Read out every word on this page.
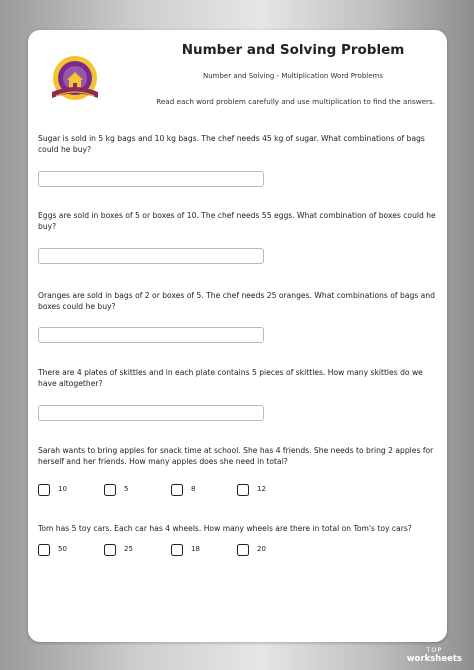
Number and Solving Problem
Number and Solving - Multiplication Word Problems
Read each word problem carefully and use multiplication to find the answers.
Sugar is sold in 5 kg bags and 10 kg bags. The chef needs 45 kg of sugar. What combinations of bags could he buy?
Eggs are sold in boxes of 5 or boxes of 10. The chef needs 55 eggs. What combination of boxes could he buy?
Oranges are sold in bags of 2 or boxes of 5. The chef needs 25 oranges. What combinations of bags and boxes could he buy?
There are 4 plates of skittles and in each plate contains 5 pieces of skittles. How many skittles do we have altogether?
Sarah wants to bring apples for snack time at school. She has 4 friends. She needs to bring 2 apples for herself and her friends. How many apples does she need in total?
10	5	8	12
Tom has 5 toy cars. Each car has 4 wheels. How many wheels are there in total on Tom's toy cars?
50	25	18	20
TOP
worksheets
